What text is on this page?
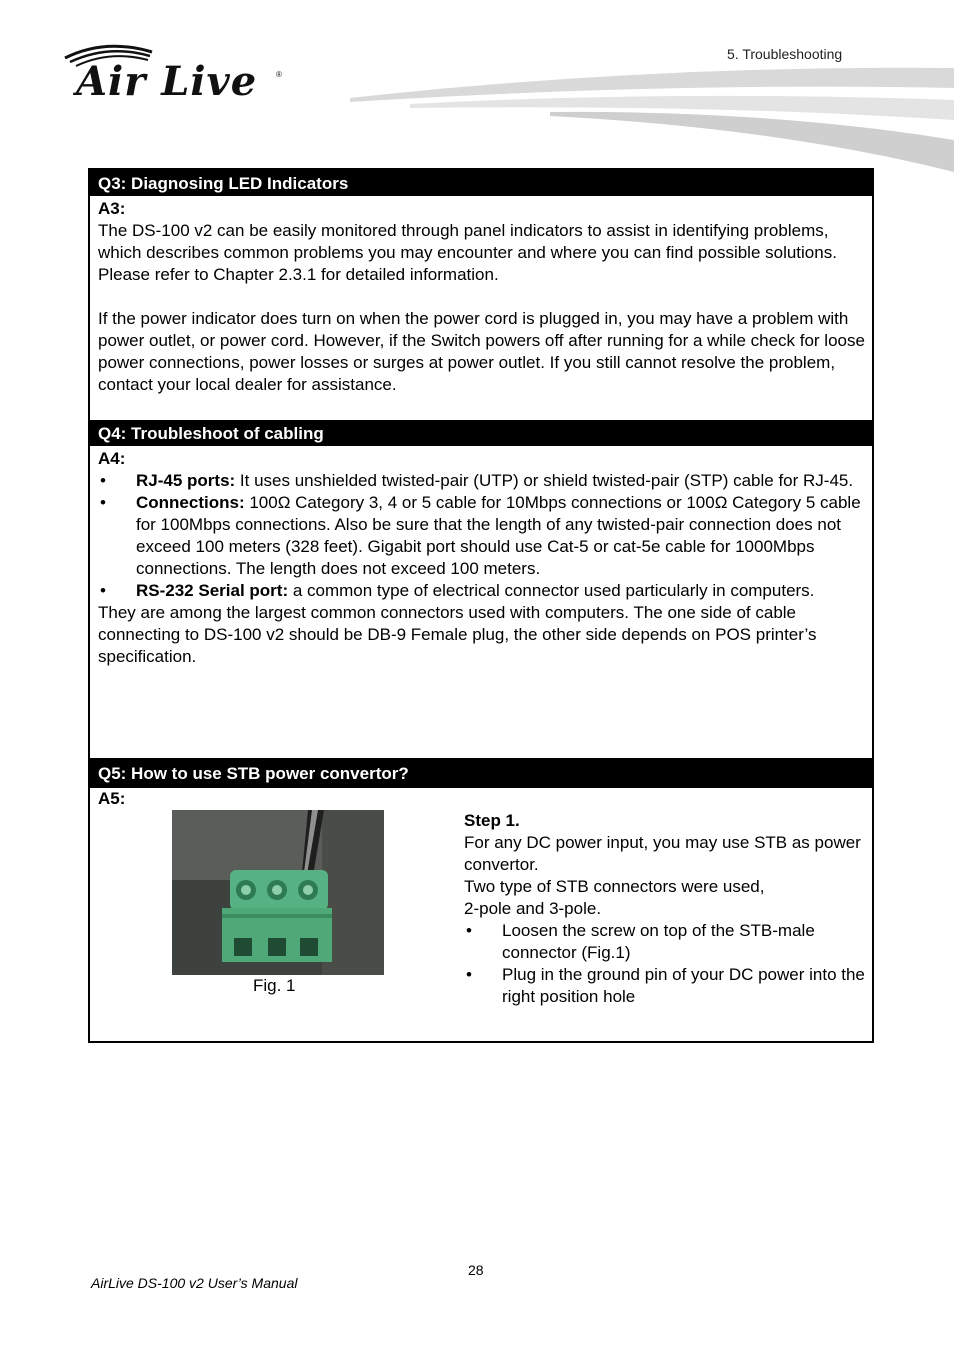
Air Live ®
5. Troubleshooting
Q3: Diagnosing LED Indicators

A3:

The DS-100 v2 can be easily monitored through panel indicators to assist in identifying problems, which describes common problems you may encounter and where you can find possible solutions. Please refer to Chapter 2.3.1 for detailed information.

If the power indicator does turn on when the power cord is plugged in, you may have a problem with power outlet, or power cord. However, if the Switch powers off after running for a while check for loose power connections, power losses or surges at power outlet. If you still cannot resolve the problem, contact your local dealer for assistance.

Q4: Troubleshoot of cabling

A4:

• RJ-45 ports: It uses unshielded twisted-pair (UTP) or shield twisted-pair (STP) cable for RJ-45.
• Connections: 100Ω Category 3, 4 or 5 cable for 10Mbps connections or 100Ω Category 5 cable for 100Mbps connections. Also be sure that the length of any twisted-pair connection does not exceed 100 meters (328 feet). Gigabit port should use Cat-5 or cat-5e cable for 1000Mbps connections. The length does not exceed 100 meters.
• RS-232 Serial port: a common type of electrical connector used particularly in computers.

They are among the largest common connectors used with computers. The one side of cable connecting to DS-100 v2 should be DB-9 Female plug, the other side depends on POS printer’s specification.

Q5: How to use STB power convertor?

A5:

Fig. 1

Step 1.

For any DC power input, you may use STB as power convertor.

Two type of STB connectors were used,

2-pole and 3-pole.

• Loosen the screw on top of the STB-male connector (Fig.1)
• Plug in the ground pin of your DC power into the right position hole
28
AirLive DS-100 v2 User’s Manual
